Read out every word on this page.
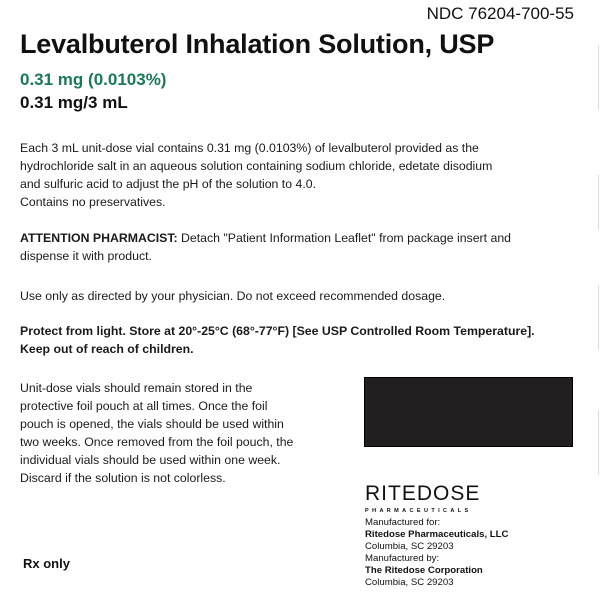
NDC 76204-700-55
Levalbuterol Inhalation Solution, USP
0.31 mg (0.0103%)
0.31 mg/3 mL
Each 3 mL unit-dose vial contains 0.31 mg (0.0103%) of levalbuterol provided as the
hydrochloride salt in an aqueous solution containing sodium chloride, edetate disodium
and sulfuric acid to adjust the pH of the solution to 4.0.
Contains no preservatives.
ATTENTION PHARMACIST: Detach "Patient Information Leaflet" from package insert and
dispense it with product.
Use only as directed by your physician. Do not exceed recommended dosage.
Protect from light. Store at 20°-25°C (68°-77°F) [See USP Controlled Room Temperature].
Keep out of reach of children.
Unit-dose vials should remain stored in the
protective foil pouch at all times. Once the foil
pouch is opened, the vials should be used within
two weeks. Once removed from the foil pouch, the
individual vials should be used within one week.
Discard if the solution is not colorless.
RITEDOSE
PHARMACEUTICALS
Manufactured for:
Ritedose Pharmaceuticals, LLC
Columbia, SC 29203
Manufactured by:
The Ritedose Corporation
Columbia, SC 29203
Rx only
